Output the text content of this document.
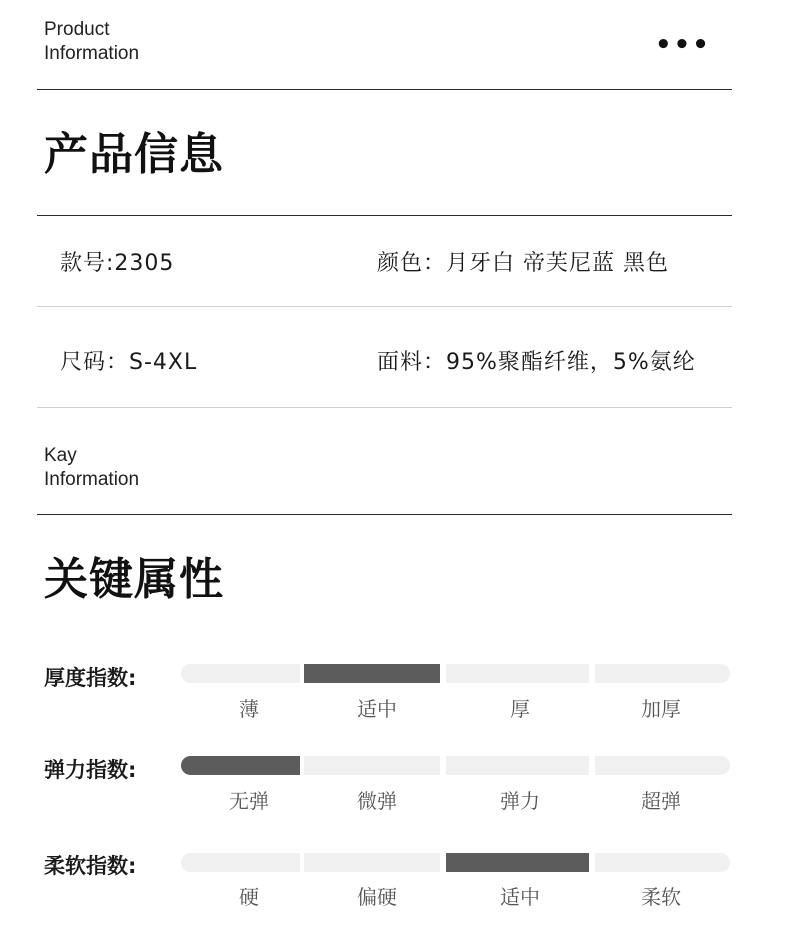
Product
Information	•••
产品信息
款号:2305	颜色：月牙白 帝芙尼蓝 黑色
尺码：S-4XL	面料：95%聚酯纤维，5%氨纶
Kay
Information
关键属性
厚度指数:
薄	适中	厚	加厚
弹力指数:
无弹	微弹	弹力	超弹
柔软指数:
硬	偏硬	适中	柔软
